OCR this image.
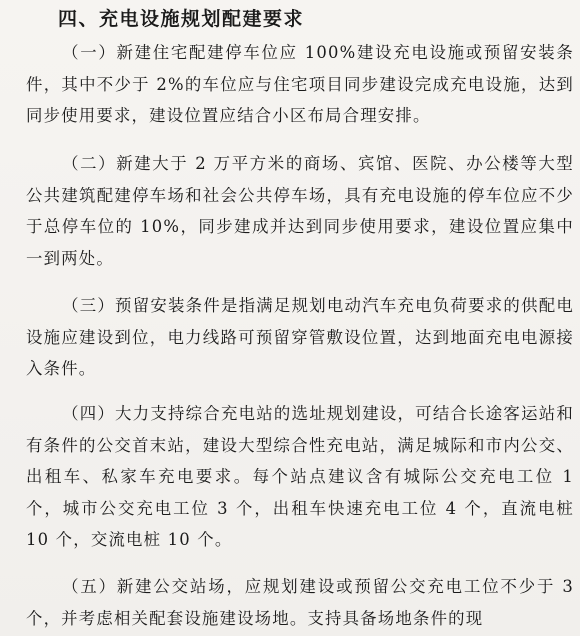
四、充电设施规划配建要求

（一）新建住宅配建停车位应 100%建设充电设施或预留安装条件，其中不少于 2%的车位应与住宅项目同步建设完成充电设施，达到同步使用要求，建设位置应结合小区布局合理安排。

（二）新建大于 2 万平方米的商场、宾馆、医院、办公楼等大型公共建筑配建停车场和社会公共停车场，具有充电设施的停车位应不少于总停车位的 10%，同步建成并达到同步使用要求，建设位置应集中一到两处。

（三）预留安装条件是指满足规划电动汽车充电负荷要求的供配电设施应建设到位，电力线路可预留穿管敷设位置，达到地面充电电源接入条件。

（四）大力支持综合充电站的选址规划建设，可结合长途客运站和有条件的公交首末站，建设大型综合性充电站，满足城际和市内公交、出租车、私家车充电要求。每个站点建议含有城际公交充电工位 1 个，城市公交充电工位 3 个，出租车快速充电工位 4 个，直流电桩 10 个，交流电桩 10 个。

（五）新建公交站场，应规划建设或预留公交充电工位不少于 3 个，并考虑相关配套设施建设场地。支持具备场地条件的现
